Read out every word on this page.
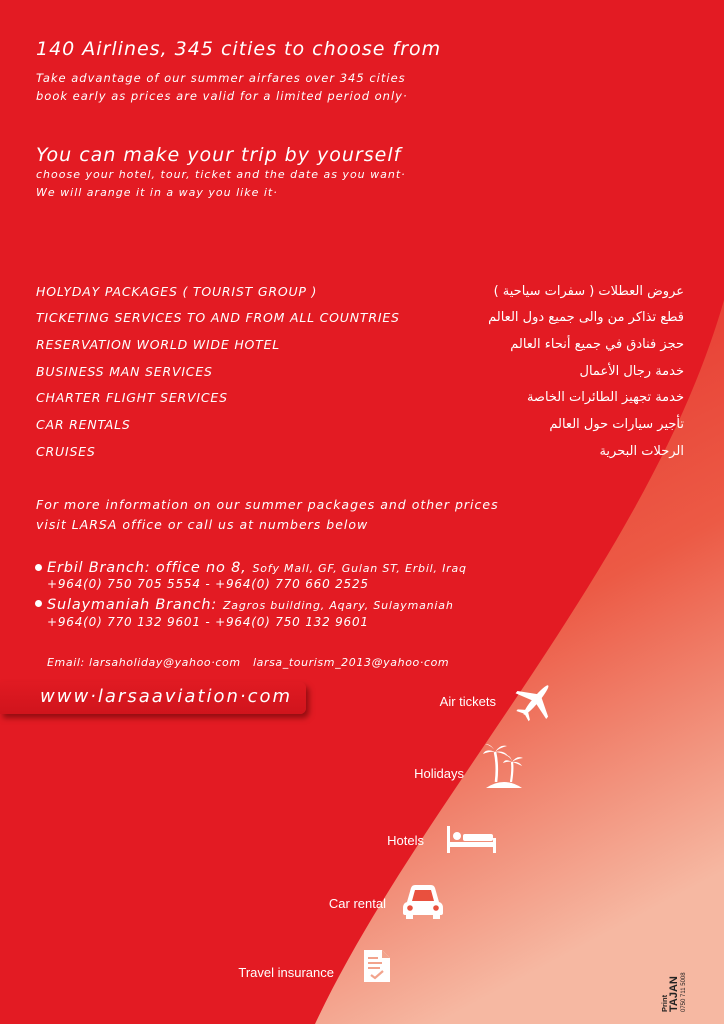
140 Airlines, 345 cities to choose from
Take advantage of our summer airfares over 345 cities
book early as prices are valid for a limited period only·
You can make your trip by yourself
choose your hotel, tour, ticket and the date as you want·
We will arange it in a way you like it·
HOLYDAY PACKAGES ( TOURIST GROUP )	عروض العطلات ( سفرات سياحية )
TICKETING SERVICES TO AND FROM ALL COUNTRIES	قطع تذاكر من والى جميع دول العالم
RESERVATION WORLD WIDE HOTEL	حجز فنادق في جميع أنحاء العالم
BUSINESS MAN SERVICES	خدمة رجال الأعمال
CHARTER FLIGHT SERVICES	خدمة تجهيز الطائرات الخاصة
CAR RENTALS	تأجير سيارات حول العالم
CRUISES	الرحلات البحرية
For more information on our summer packages and other prices
visit LARSA office or call us at numbers below
Erbil Branch: office no 8, Sofy Mall, GF, Gulan ST, Erbil, Iraq
+964(0) 750 705 5554 - +964(0) 770 660 2525
Sulaymaniah Branch: Zagros building, Aqary, Sulaymaniah
+964(0) 770 132 9601 - +964(0) 750 132 9601
Email: larsaholiday@yahoo·com larsa_tourism_2013@yahoo·com
www·larsaaviation·com	Air tickets
Holidays
Hotels
Car rental
Travel insurance
Print TAJAN 0750 711 5008
